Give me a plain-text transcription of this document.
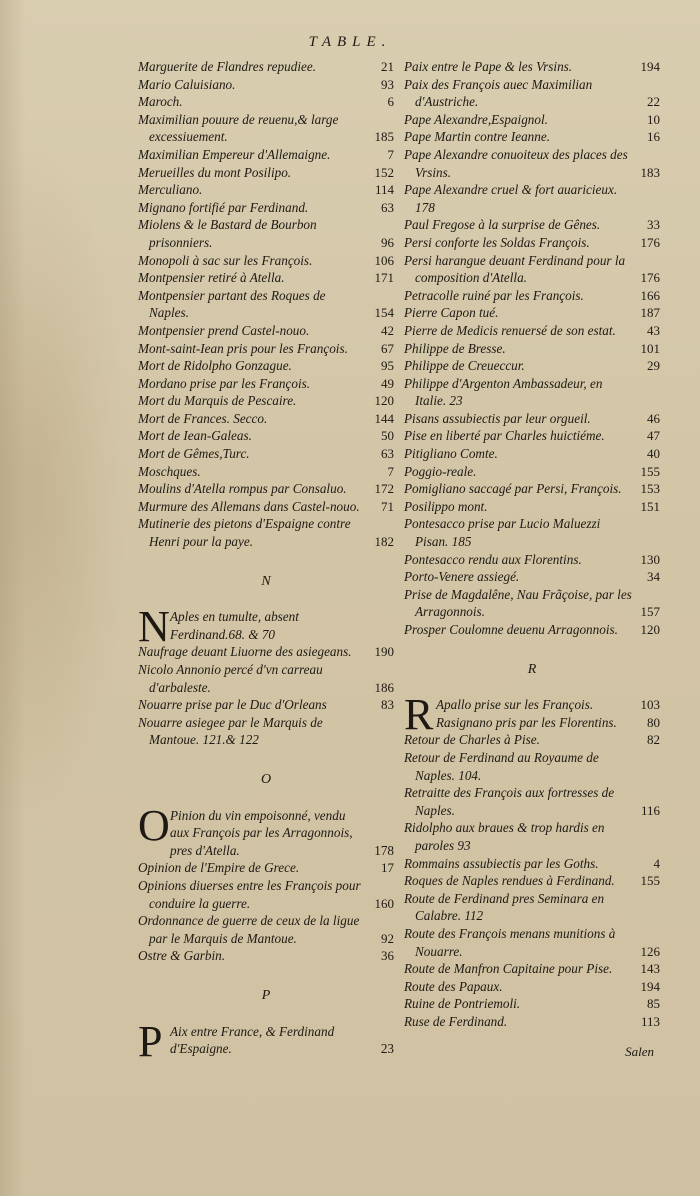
TABLE.
Marguerite de Flandres repudiee.	21
Mario Caluisiano.	93
Maroch.	6
Maximilian pouure de reuenu,& large excessiuement.	185
Maximilian Empereur d'Allemaigne.	7
Merueilles du mont Posilipo.	152
Merculiano.	114
Mignano fortifié par Ferdinand.	63
Miolens & le Bastard de Bourbon prisonniers.	96
Monopoli à sac sur les François.	106
Montpensier retiré à Atella.	171
Montpensier partant des Roques de Naples.	154
Montpensier prend Castel-nouo.	42
Mont-saint-Iean pris pour les François.	67
Mort de Ridolpho Gonzague.	95
Mordano prise par les François.	49
Mort du Marquis de Pescaire.	120
Mort de Frances. Secco.	144
Mort de Iean-Galeas.	50
Mort de Gêmes,Turc.	63
Moschques.	7
Moulins d'Atella rompus par Consaluo.	172
Murmure des Allemans dans Castel-nouo.	71
Mutinerie des pietons d'Espaigne contre Henri pour la paye.	182
N
N Aples en tumulte, absent Ferdinand.68. & 70
Naufrage deuant Liuorne des asiegeans.	190
Nicolo Annonio percé d'vn carreau d'arbaleste.	186
Nouarre prise par le Duc d'Orleans	83
Nouarre asiegee par le Marquis de Mantoue. 121.& 122
O
O Pinion du vin empoisonné, vendu aux François par les Arragonnois, pres d'Atella.	178
Opinion de l'Empire de Grece.	17
Opinions diuerses entre les François pour conduire la guerre.	160
Ordonnance de guerre de ceux de la ligue par le Marquis de Mantoue.	92
Ostre & Garbin.	36
P
P Aix entre France, & Ferdinand d'Espaigne.	23
Paix entre le Pape & les Vrsins.	194
Paix des François auec Maximilian d'Austriche.	22
Pape Alexandre,Espaignol.	10
Pape Martin contre Ieanne.	16
Pape Alexandre conuoiteux des places des Vrsins.	183
Pape Alexandre cruel & fort auaricieux. 178
Paul Fregose à la surprise de Gênes.	33
Persi conforte les Soldas François.	176
Persi harangue deuant Ferdinand pour la composition d'Atella.	176
Petracolle ruiné par les François.	166
Pierre Capon tué.	187
Pierre de Medicis renuersé de son estat.	43
Philippe de Bresse.	101
Philippe de Creueccur.	29
Philippe d'Argenton Ambassadeur, en Italie. 23
Pisans assubiectis par leur orgueil.	46
Pise en liberté par Charles huictiéme.	47
Pitigliano Comte.	40
Poggio-reale.	155
Pomigliano saccagé par Persi, François.	153
Posilippo mont.	151
Pontesacco prise par Lucio Maluezzi Pisan. 185
Pontesacco rendu aux Florentins.	130
Porto-Venere assiegé.	34
Prise de Magdalêne, Nau Frãçoise, par les Arragonnois.	157
Prosper Coulomne deuenu Arragonnois.	120
R
R Apallo prise sur les François.	103
Rasignano pris par les Florentins. 80
Retour de Charles à Pise.	82
Retour de Ferdinand au Royaume de Naples. 104.
Retraitte des François aux fortresses de Naples.	116
Ridolpho aux braues & trop hardis en paroles 93
Rommains assubiectis par les Goths.	4
Roques de Naples rendues à Ferdinand.	155
Route de Ferdinand pres Seminara en Calabre. 112
Route des François menans munitions à Nouarre.	126
Route de Manfron Capitaine pour Pise.	143
Route des Papaux.	194
Ruine de Pontriemoli.	85
Ruse de Ferdinand.	113
Salen
